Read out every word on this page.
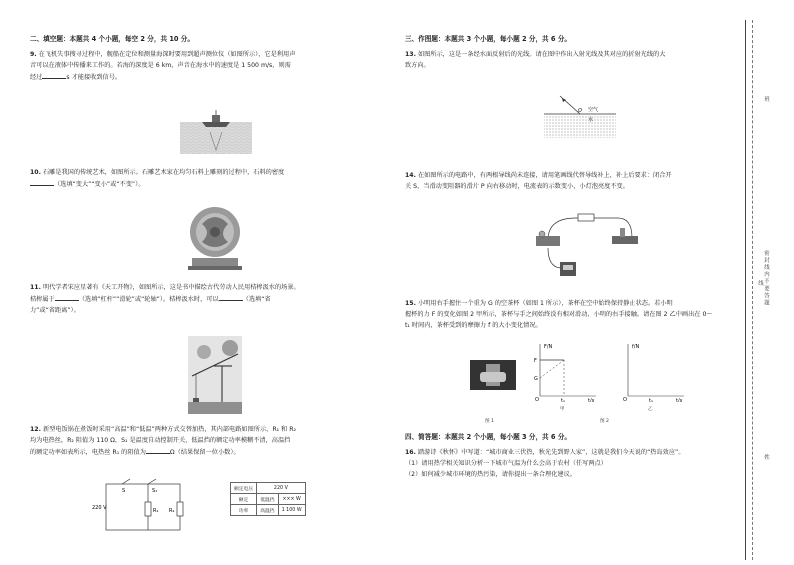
二、填空题：本题共 4 个小题，每空 2 分，共 10 分。
9. 在飞机失事搜寻过程中，舰船在定位和测量海深时要用到超声测位仪（如图所示），它是利用声
音可以在液体中传播来工作的。若海的深度是 6 km，声音在海水中的速度是 1 500 m/s，则需
经过	s 才能接收到信号。
10. 石雕是我国的传统艺术，如图所示。石雕艺术家在均匀石料上雕刻的过程中，石料的密度
（选填“变大”“变小”或“不变”）。
11. 明代学者宋应星著有《天工开物》，如图所示，这是书中描绘古代劳动人民用桔槔汲水的场景。
桔槔属于	（选填“杠杆”“滑轮”或“轮轴”）。桔槔汲水时，可以	（选填“省
力”或“省距离”）。
12. 新型电饭锅在煮饭时采用“高温”和“低温”两种方式交替加热，其内部电路如图所示，R₁ 和 R₂
均为电热丝，R₂ 阻值为 110 Ω，S₁ 是温度自动控制开关，低温挡的额定功率模糊不清，高温挡
的额定功率如表所示，电热丝 R₁ 的阻值为	Ω（结果保留一位小数）。
220 V
S	S₁
R₁ R₂
额定电压	220 V	
额定	低温挡	××× W
功率	高温挡	1 100 W
三、作图题：本题共 3 个小题，每小题 2 分，共 6 分。
13. 如图所示，这是一条经水面反射后的光线。请在图中作出入射光线及其对应的折射光线的大
致方向。
O 空气
水
14. 在如图所示的电路中，有两根导线尚未连接，请用笔画线代替导线补上，补上后要求：闭合开
关 S，当滑动变阻器的滑片 P 向右移动时，电流表的示数变小，小灯泡亮度不变。
15. 小明用右手握住一个重为 G 的空茶杯（如图 1 所示），茶杯在空中始终保持静止状态。若小明
握杯的力 F 的变化如图 2 甲所示，茶杯与手之间始终没有相对滑动，小明的右手接触。请在图 2 乙中画出在 0～
t₁ 时间内，茶杯受到的摩擦力 f 的大小变化情况。
F/N
F
G
O	t₁	t/s
甲
f/N
O	t₁	t/s
乙
图 1	图 2
四、简答题：本题共 2 个小题，每小题 3 分，共 6 分。
16. 踏游诗《秋怀》中写道：“城市商业三伏热，秋光先到野人家”，这就是我们今天说的“热岛效应”。
（1）请用热学相关知识分析一下城市气温为什么会高于农村（任写两点）
（2）如何减少城市环境的热污染，请你提出一条合理化建议。
班
密 封 线 内 不 要 答 题
线
姓
